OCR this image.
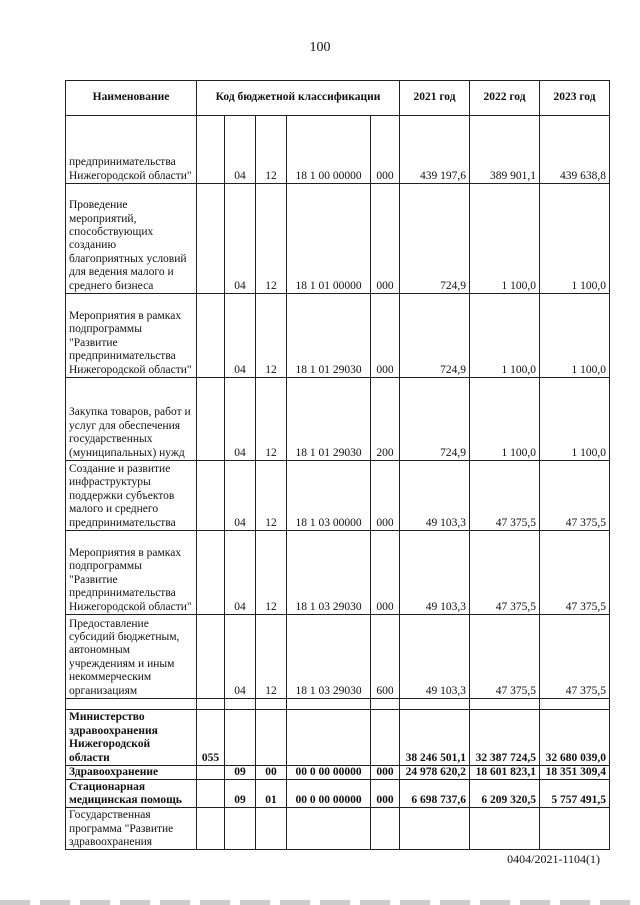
100
Наименование	Код бюджетной классификации					2021 год	2022 год	2023 год
предпринимательства Нижегородской области"		04	12	18 1 00 00000	000	439 197,6	389 901,1	439 638,8
Проведение мероприятий, способствующих созданию благоприятных условий для ведения малого и среднего бизнеса		04	12	18 1 01 00000	000	724,9	1 100,0	1 100,0
Мероприятия в рамках подпрограммы "Развитие предпринимательства Нижегородской области"		04	12	18 1 01 29030	000	724,9	1 100,0	1 100,0
Закупка товаров, работ и услуг для обеспечения государственных (муниципальных) нужд		04	12	18 1 01 29030	200	724,9	1 100,0	1 100,0
Создание и развитие инфраструктуры поддержки субъектов малого и среднего предпринимательства		04	12	18 1 03 00000	000	49 103,3	47 375,5	47 375,5
Мероприятия в рамках подпрограммы "Развитие предпринимательства Нижегородской области"		04	12	18 1 03 29030	000	49 103,3	47 375,5	47 375,5
Предоставление субсидий бюджетным, автономным учреждениям и иным некоммерческим организациям		04	12	18 1 03 29030	600	49 103,3	47 375,5	47 375,5

Министерство здравоохранения Нижегородской области	055					38 246 501,1	32 387 724,5	32 680 039,0
Здравоохранение		09	00	00 0 00 00000	000	24 978 620,2	18 601 823,1	18 351 309,4
Стационарная медицинская помощь		09	01	00 0 00 00000	000	6 698 737,6	6 209 320,5	5 757 491,5
Государственная программа "Развитие здравоохранения								
0404/2021-1104(1)
